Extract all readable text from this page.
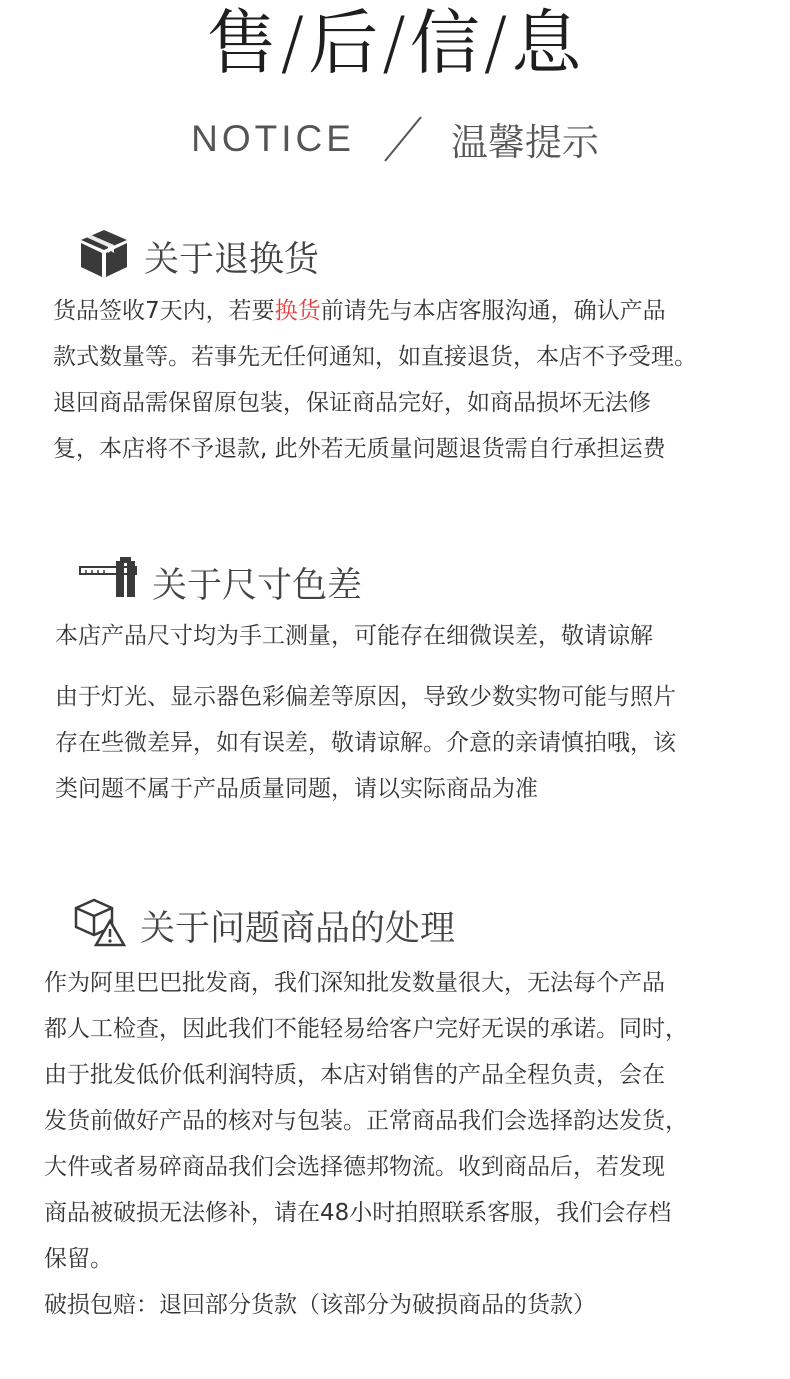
售/后/信/息
NOTICE	温馨提示
关于退换货
货品签收7天内，若要换货前请先与本店客服沟通，确认产品
款式数量等。若事先无任何通知，如直接退货，本店不予受理。
退回商品需保留原包装，保证商品完好，如商品损坏无法修
复，本店将不予退款, 此外若无质量问题退货需自行承担运费
关于尺寸色差
本店产品尺寸均为手工测量，可能存在细微误差，敬请谅解
由于灯光、显示器色彩偏差等原因，导致少数实物可能与照片
存在些微差异，如有误差，敬请谅解。介意的亲请慎拍哦，该
类问题不属于产品质量同题，请以实际商品为准
关于问题商品的处理
作为阿里巴巴批发商，我们深知批发数量很大，无法每个产品
都人工检查，因此我们不能轻易给客户完好无误的承诺。同时，
由于批发低价低利润特质，本店对销售的产品全程负责，会在
发货前做好产品的核对与包装。正常商品我们会选择韵达发货，
大件或者易碎商品我们会选择德邦物流。收到商品后，若发现
商品被破损无法修补，请在48小时拍照联系客服，我们会存档
保留。
破损包赔：退回部分货款（该部分为破损商品的货款）
